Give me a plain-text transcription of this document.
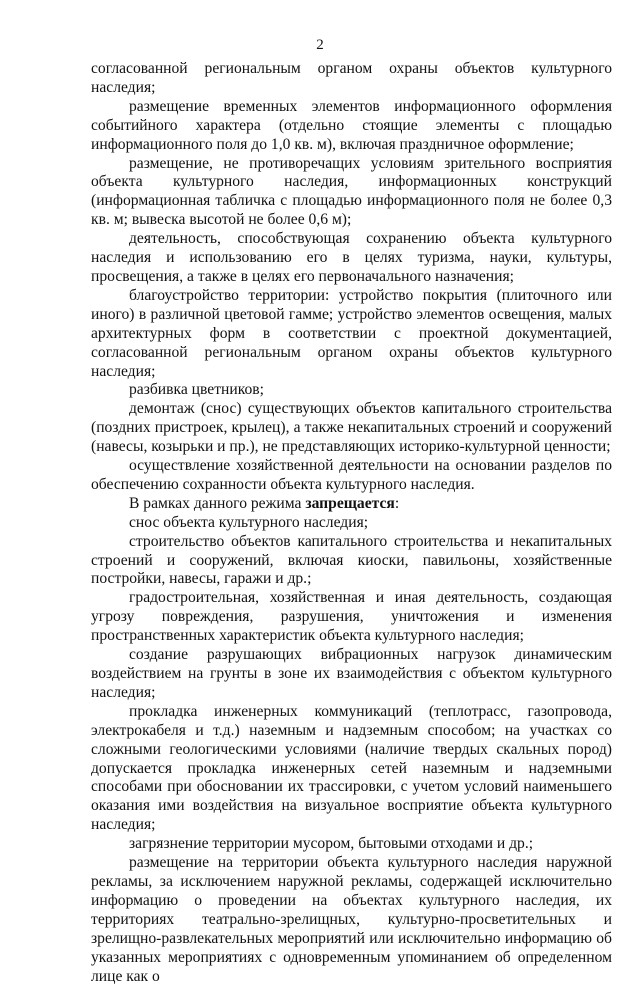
2

согласованной региональным органом охраны объектов культурного наследия;

размещение временных элементов информационного оформления событийного характера (отдельно стоящие элементы с площадью информационного поля до 1,0 кв. м), включая праздничное оформление;

размещение, не противоречащих условиям зрительного восприятия объекта культурного наследия, информационных конструкций (информационная табличка с площадью информационного поля не более 0,3 кв. м; вывеска высотой не более 0,6 м);

деятельность, способствующая сохранению объекта культурного наследия и использованию его в целях туризма, науки, культуры, просвещения, а также в целях его первоначального назначения;

благоустройство территории: устройство покрытия (плиточного или иного) в различной цветовой гамме; устройство элементов освещения, малых архитектурных форм в соответствии с проектной документацией, согласованной региональным органом охраны объектов культурного наследия;

разбивка цветников;

демонтаж (снос) существующих объектов капитального строительства (поздних пристроек, крылец), а также некапитальных строений и сооружений (навесы, козырьки и пр.), не представляющих историко-культурной ценности;

осуществление хозяйственной деятельности на основании разделов по обеспечению сохранности объекта культурного наследия.

В рамках данного режима запрещается:

снос объекта культурного наследия;

строительство объектов капитального строительства и некапитальных строений и сооружений, включая киоски, павильоны, хозяйственные постройки, навесы, гаражи и др.;

градостроительная, хозяйственная и иная деятельность, создающая угрозу повреждения, разрушения, уничтожения и изменения пространственных характеристик объекта культурного наследия;

создание разрушающих вибрационных нагрузок динамическим воздействием на грунты в зоне их взаимодействия с объектом культурного наследия;

прокладка инженерных коммуникаций (теплотрасс, газопровода, электрокабеля и т.д.) наземным и надземным способом; на участках со сложными геологическими условиями (наличие твердых скальных пород) допускается прокладка инженерных сетей наземным и надземными способами при обосновании их трассировки, с учетом условий наименьшего оказания ими воздействия на визуальное восприятие объекта культурного наследия;

загрязнение территории мусором, бытовыми отходами и др.;

размещение на территории объекта культурного наследия наружной рекламы, за исключением наружной рекламы, содержащей исключительно информацию о проведении на объектах культурного наследия, их территориях театрально-зрелищных, культурно-просветительных и зрелищно-развлекательных мероприятий или исключительно информацию об указанных мероприятиях с одновременным упоминанием об определенном лице как о
